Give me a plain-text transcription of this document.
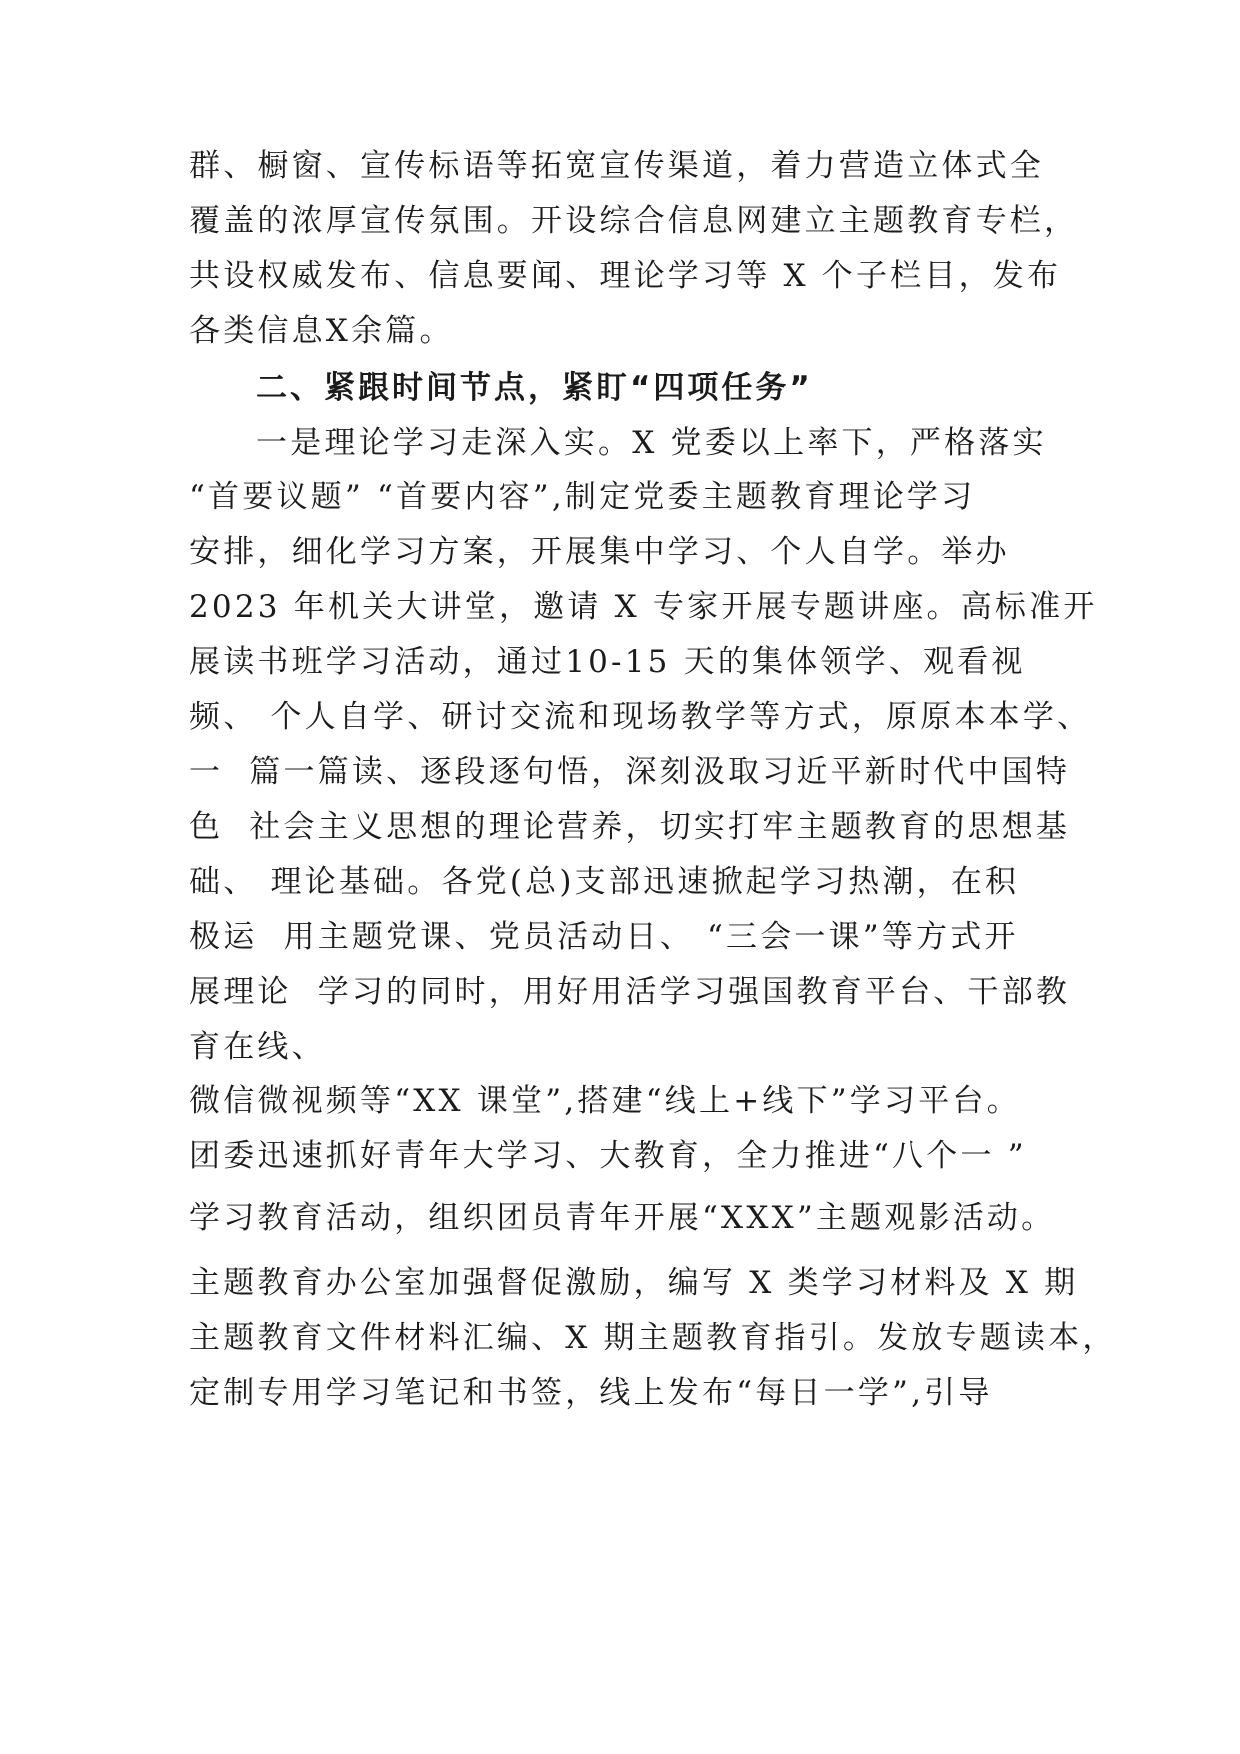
群、橱窗、宣传标语等拓宽宣传渠道，着力营造立体式全
覆盖的浓厚宣传氛围。开设综合信息网建立主题教育专栏，
共设权威发布、信息要闻、理论学习等 X 个子栏目，发布
各类信息X余篇。
二、紧跟时间节点，紧盯“四项任务”
一是理论学习走深入实。X 党委以上率下，严格落实
“首要议题” “首要内容”,制定党委主题教育理论学习
安排，细化学习方案，开展集中学习、个人自学。举办
2023 年机关大讲堂，邀请 X 专家开展专题讲座。高标准开
展读书班学习活动，通过10-15 天的集体领学、观看视
频、 个人自学、研讨交流和现场教学等方式，原原本本学、
一  篇一篇读、逐段逐句悟，深刻汲取习近平新时代中国特
色  社会主义思想的理论营养，切实打牢主题教育的思想基
础、 理论基础。各党(总)支部迅速掀起学习热潮，在积
极运  用主题党课、党员活动日、 “三会一课”等方式开
展理论  学习的同时，用好用活学习强国教育平台、干部教
育在线、
微信微视频等“XX 课堂”,搭建“线上+线下”学习平台。
团委迅速抓好青年大学习、大教育，全力推进“八个一 ”
学习教育活动，组织团员青年开展“XXX”主题观影活动。
主题教育办公室加强督促激励，编写 X 类学习材料及 X 期
主题教育文件材料汇编、X 期主题教育指引。发放专题读本，
定制专用学习笔记和书签，线上发布“每日一学”,引导
